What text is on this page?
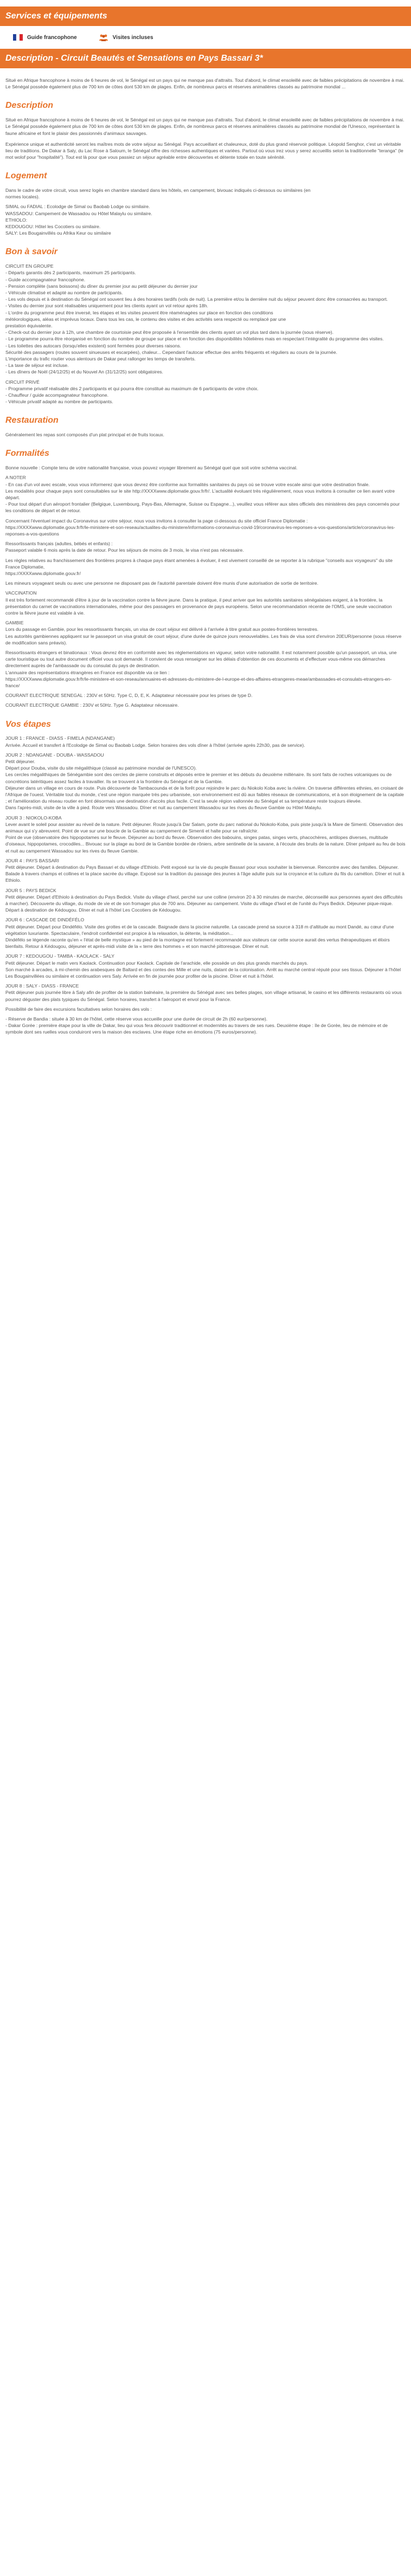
Services et équipements
Guide francophone	Visites incluses
Description - Circuit Beautés et Sensations en Pays Bassari 3*

Situé en Afrique francophone à moins de 6 heures de vol, le Sénégal est un pays qui ne manque pas d'attraits. Tout d'abord, le climat ensoleillé avec de faibles précipitations de novembre à mai. Le Sénégal possède également plus de 700 km de côtes dont 530 km de plages. Enfin, de nombreux parcs et réserves animalières classés au patrimoine mondial ...

Description

Situé en Afrique francophone à moins de 6 heures de vol, le Sénégal est un pays qui ne manque pas d'attraits. Tout d'abord, le climat ensoleillé avec de faibles précipitations de novembre à mai. Le Sénégal possède également plus de 700 km de côtes dont 530 km de plages. Enfin, de nombreux parcs et réserves animalières classés au patrimoine mondial de l'Unesco, représentant la faune africaine et font le plaisir des passionnés d'animaux sauvages.

Expérience unique et authenticité seront les maîtres mots de votre séjour au Sénégal. Pays accueillant et chaleureux, doté du plus grand réservoir politique. Léopold Senghor, c'est un véritable lieu de traditions. De Dakar à Saly, du Lac Rose à Saloum, le Sénégal offre des richesses authentiques et variées. Partout où vous irez vous y serez accueillis selon la traditionnelle "teranga" (le mot wolof pour "hospitalité"). Tout est là pour que vous passiez un séjour agréable entre découvertes et détente totale en toute sérénité.

Logement
Dans le cadre de votre circuit, vous serez logés en chambre standard dans les hôtels, en campement, bivouac indiqués ci-dessous ou similaires (en
normes locales).
SIMAL ou FADIAL : Ecolodge de Simal ou Baobab Lodge ou similaire.
WASSADOU: Campement de Wassadou ou Hôtel Malaylu ou similaire.
ETHIOLO:
KEDOUGOU: Hôtel les Cocotiers ou similaire.
SALY: Les Bougainvillés ou Afrika Keur ou similaire
Bon à savoir
CIRCUIT EN GROUPE
- Départs garantis dès 2 participants, maximum 25 participants.
- Guide accompagnateur francophone.
- Pension complète (sans boissons) du dîner du premier jour au petit déjeuner du dernier jour
- Véhicule climatisé et adapté au nombre de participants.
- Les vols depuis et à destination du Sénégal ont souvent lieu à des horaires tardifs (vols de nuit). La première et/ou la dernière nuit du séjour peuvent donc être consacrées au transport.
- Visites du dernier jour sont réalisables uniquement pour les clients ayant un vol retour après 18h.
- L'ordre du programme peut être inversé, les étapes et les visites peuvent être réaménagées sur place en fonction des conditions
météorologiques, aléas et imprévus locaux. Dans tous les cas, le contenu des visites et des activités sera respecté ou remplacé par une
prestation équivalente.
- Check-out du dernier jour à 12h, une chambre de courtoisie peut être proposée à l'ensemble des clients ayant un vol plus tard dans la journée (sous réserve).
- Le programme pourra être réorganisé en fonction du nombre de groupe sur place et en fonction des disponibilités hôtelières mais en respectant l'intégralité du programme des visites.
- Les toilettes des autocars (lorsqu'elles existent) sont fermées pour diverses raisons.
Sécurité des passagers (routes souvent sinueuses et escarpées), chaleur... Cependant l'autocar effectue des arrêts fréquents et réguliers au cours de la journée.
L'importance du trafic routier vous alentours de Dakar peut rallonger les temps de transferts.
- La taxe de séjour est incluse.
- Les dîners de Noël (24/12/25) et du Nouvel An (31/12/25) sont obligatoires.
CIRCUIT PRIVÉ
- Programme privatif réalisable dès 2 participants et qui pourra être constitué au maximum de 6 participants de votre choix.
- Chauffeur / guide accompagnateur francophone.
- Véhicule privatif adapté au nombre de participants.
Restauration
Généralement les repas sont composés d'un plat principal et de fruits locaux.
Formalités
Bonne nouvelle : Compte tenu de votre nationalité française, vous pouvez voyager librement au Sénégal quel que soit votre schéma vaccinal.
A NOTER
- En cas d'un vol avec escale, vous vous informerez que vous devrez être conforme aux formalités sanitaires du pays où se trouve votre escale ainsi que votre destination finale.
Les modalités pour chaque pays sont consultables sur le site http://XXXXwww.diplomatie.gouv.fr/fr/. L'actualité évoluant très régulièrement, nous vous invitons à consulter ce lien avant votre départ.
- Pour tout départ d'un aéroport frontalier (Belgique, Luxembourg, Pays-Bas, Allemagne, Suisse ou Espagne...), veuillez vous référer aux sites officiels des ministères des pays concernés pour les conditions de départ et de retour.
Concernant l'éventuel impact du Coronavirus sur votre séjour, nous vous invitons à consulter la page ci-dessous du site officiel France Diplomatie :
https://XXXXwww.diplomatie.gouv.fr/fr/le-ministere-et-son-reseau/actualites-du-ministere/informations-coronavirus-covid-19/coronavirus-les-reponses-a-vos-questions/article/coronavirus-les-reponses-a-vos-questions
Ressortissants français (adultes, bébés et enfants) :
Passeport valable 6 mois après la date de retour. Pour les séjours de moins de 3 mois, le visa n'est pas nécessaire.
Les règles relatives au franchissement des frontières propres à chaque pays étant amenées à évoluer, il est vivement conseillé de se reporter à la rubrique "conseils aux voyageurs" du site France Diplomatie,
https://XXXXwww.diplomatie.gouv.fr/
Les mineurs voyageant seuls ou avec une personne ne disposant pas de l'autorité parentale doivent être munis d'une autorisation de sortie de territoire.
VACCINATION
Il est très fortement recommandé d'être à jour de la vaccination contre la fièvre jaune. Dans la pratique, il peut arriver que les autorités sanitaires sénégalaises exigent, à la frontière, la présentation du carnet de vaccinations internationales, même pour des passagers en provenance de pays européens. Selon une recommandation récente de l'OMS, une seule vaccination contre la fièvre jaune est valable à vie.
GAMBIE
Lors du passage en Gambie, pour les ressortissants français, un visa de court séjour est délivré à l'arrivée à titre gratuit aux postes-frontières terrestres.
Les autorités gambiennes appliquent sur le passeport un visa gratuit de court séjour, d'une durée de quinze jours renouvelables. Les frais de visa sont d'environ 20EUR/personne (sous réserve de modification sans préavis).
Ressortissants étrangers et binationaux : Vous devrez être en conformité avec les réglementations en vigueur, selon votre nationalité. Il est notamment possible qu'un passeport, un visa, une carte touristique ou tout autre document officiel vous soit demandé. Il convient de vous renseigner sur les délais d'obtention de ces documents et d'effectuer vous-même vos démarches directement auprès de l'ambassade ou du consulat du pays de destination.
L'annuaire des représentations étrangères en France est disponible via ce lien :
https://XXXXwww.diplomatie.gouv.fr/fr/le-ministere-et-son-reseau/annuaires-et-adresses-du-ministere-de-l-europe-et-des-affaires-etrangeres-meae/ambassades-et-consulats-etrangers-en-france/
COURANT ELECTRIQUE SENEGAL : 230V et 50Hz. Type C, D, E, K. Adaptateur nécessaire pour les prises de type D.
COURANT ELECTRIQUE GAMBIE : 230V et 50Hz. Type G. Adaptateur nécessaire.
Vos étapes
JOUR 1 : FRANCE - DIASS - FIMELA (NDANGANE)
Arrivée. Accueil et transfert à l'Ecolodge de Simal ou Baobab Lodge. Selon horaires des vols dîner à l'hôtel (arrivée après 22h30, pas de service).
JOUR 2 : NDANGANE - DOUBA - WASSADOU
Petit déjeuner.
Départ pour Douba, visite du site mégalithique (classé au patrimoine mondial de l'UNESCO).
Les cercles mégalithiques de Sénégambie sont des cercles de pierre construits et déposés entre le premier et les débuts du deuxième millénaire. Ils sont faits de roches volcaniques ou de concrétions latéritiques assez faciles à travailler. Ils se trouvent à la frontière du Sénégal et de la Gambie.
Déjeuner dans un village en cours de route. Puis découverte de Tambacounda et de la forêt pour rejoindre le parc du Niokolo Koba avec la rivière. On traverse différentes ethnies, en croisant de l'Afrique de l'ouest. Véritable tout du monde, c'est une région marquée très peu urbanisée, son environnement est dû aux faibles réseaux de communications, et à son éloignement de la capitale ; et l'amélioration du réseau routier en font désormais une destination d'accès plus facile. C'est la seule région vallonnée du Sénégal et sa température reste toujours élevée.
Dans l'après-midi, visite de la ville à pied. Route vers Wassadou. Dîner et nuit au campement Wassadou sur les rives du fleuve Gambie ou Hôtel Malaylu.
JOUR 3 : NIOKOLO-KOBA
Lever avant le soleil pour assister au réveil de la nature. Petit déjeuner. Route jusqu'à Dar Salam, porte du parc national du Niokolo-Koba, puis piste jusqu'à la Mare de Simenti. Observation des animaux qui s'y abreuvent. Point de vue sur une boucle de la Gambie au campement de Simenti et halte pour se rafraîchir.
Point de vue (observatoire des hippopotames sur le fleuve. Déjeuner au bord du fleuve. Observation des babouins, singes patas, singes verts, phacochères, antilopes diverses, multitude d'oiseaux, hippopotames, crocodiles... Bivouac sur la plage au bord de la Gambie bordée de rôniers, arbre sentinelle de la savane, à l'écoute des bruits de la nature. Dîner préparé au feu de bois et nuit au campement Wassadou sur les rives du fleuve Gambie.
JOUR 4 : PAYS BASSARI
Petit déjeuner. Départ à destination du Pays Bassari et du village d'Ethiolo. Petit exposé sur la vie du peuple Bassari pour vous souhaiter la bienvenue. Rencontre avec des familles. Déjeuner. Balade à travers champs et collines et la place sacrée du village. Exposé sur la tradition du passage des jeunes à l'âge adulte puis sur la croyance et la culture du fils du camélion. Dîner et nuit à Ethiolo.
JOUR 5 : PAYS BEDICK
Petit déjeuner. Départ d'Ethiolo à destination du Pays Bedick. Visite du village d'Iwol, perché sur une colline (environ 20 à 30 minutes de marche, déconseillé aux personnes ayant des difficultés à marcher). Découverte du village, du mode de vie et de son fromager plus de 700 ans. Déjeuner au campement. Visite du village d'Iwol et de l'unité du Pays Bedick. Déjeuner pique-nique. Départ à destination de Kédougou. Dîner et nuit à l'hôtel Les Cocotiers de Kédougou.
JOUR 6 : CASCADE DE DINDÉFÉLO
Petit déjeuner. Départ pour Dindéfélo. Visite des grottes et de la cascade. Baignade dans la piscine naturelle. La cascade prend sa source à 318 m d'altitude au mont Dandé, au cœur d'une végétation luxuriante. Spectaculaire, l'endroit confidentiel est propice à la relaxation, la détente, la méditation...
Dindéfélo se légende raconte qu'en « l'état de belle mystique » au pied de la montagne est fortement recommandé aux visiteurs car cette source aurait des vertus thérapeutiques et élixirs bienfaits. Retour à Kédougou, déjeuner et après-midi visite de la « terre des hommes » et son marché pittoresque. Dîner et nuit.
JOUR 7 : KEDOUGOU - TAMBA - KAOLACK - SALY
Petit déjeuner. Départ le matin vers Kaolack. Continuation pour Kaolack. Capitale de l'arachide, elle possède un des plus grands marchés du pays.
Son marché à arcades, à mi-chemin des arabesques de Baltard et des contes des Mille et une nuits, datant de la colonisation. Arrêt au marché central réputé pour ses tissus. Déjeuner à l'hôtel Les Bougainvillées ou similaire et continuation vers Saly. Arrivée en fin de journée pour profiter de la piscine. Dîner et nuit à l'hôtel.
JOUR 8 : SALY - DIASS - FRANCE
Petit déjeuner puis journée libre à Saly afin de profiter de la station balnéaire, la première du Sénégal avec ses belles plages, son village artisanal, le casino et les différents restaurants où vous pourrez déguster des plats typiques du Sénégal. Selon horaires, transfert à l'aéroport et envol pour la France.
Possibilité de faire des excursions facultatives selon horaires des vols :
- Réserve de Bandia : située à 30 km de l'hôtel, cette réserve vous accueille pour une durée de circuit de 2h (60 eur/personne).
- Dakar Gorée : première étape pour la ville de Dakar, lieu qui vous fera découvrir traditionnel et modernités au travers de ses rues. Deuxième étape : île de Gorée, lieu de mémoire et de symbole dont ses ruelles vous conduiront vers la maison des esclaves. Une étape riche en émotions (75 euros/personne).
